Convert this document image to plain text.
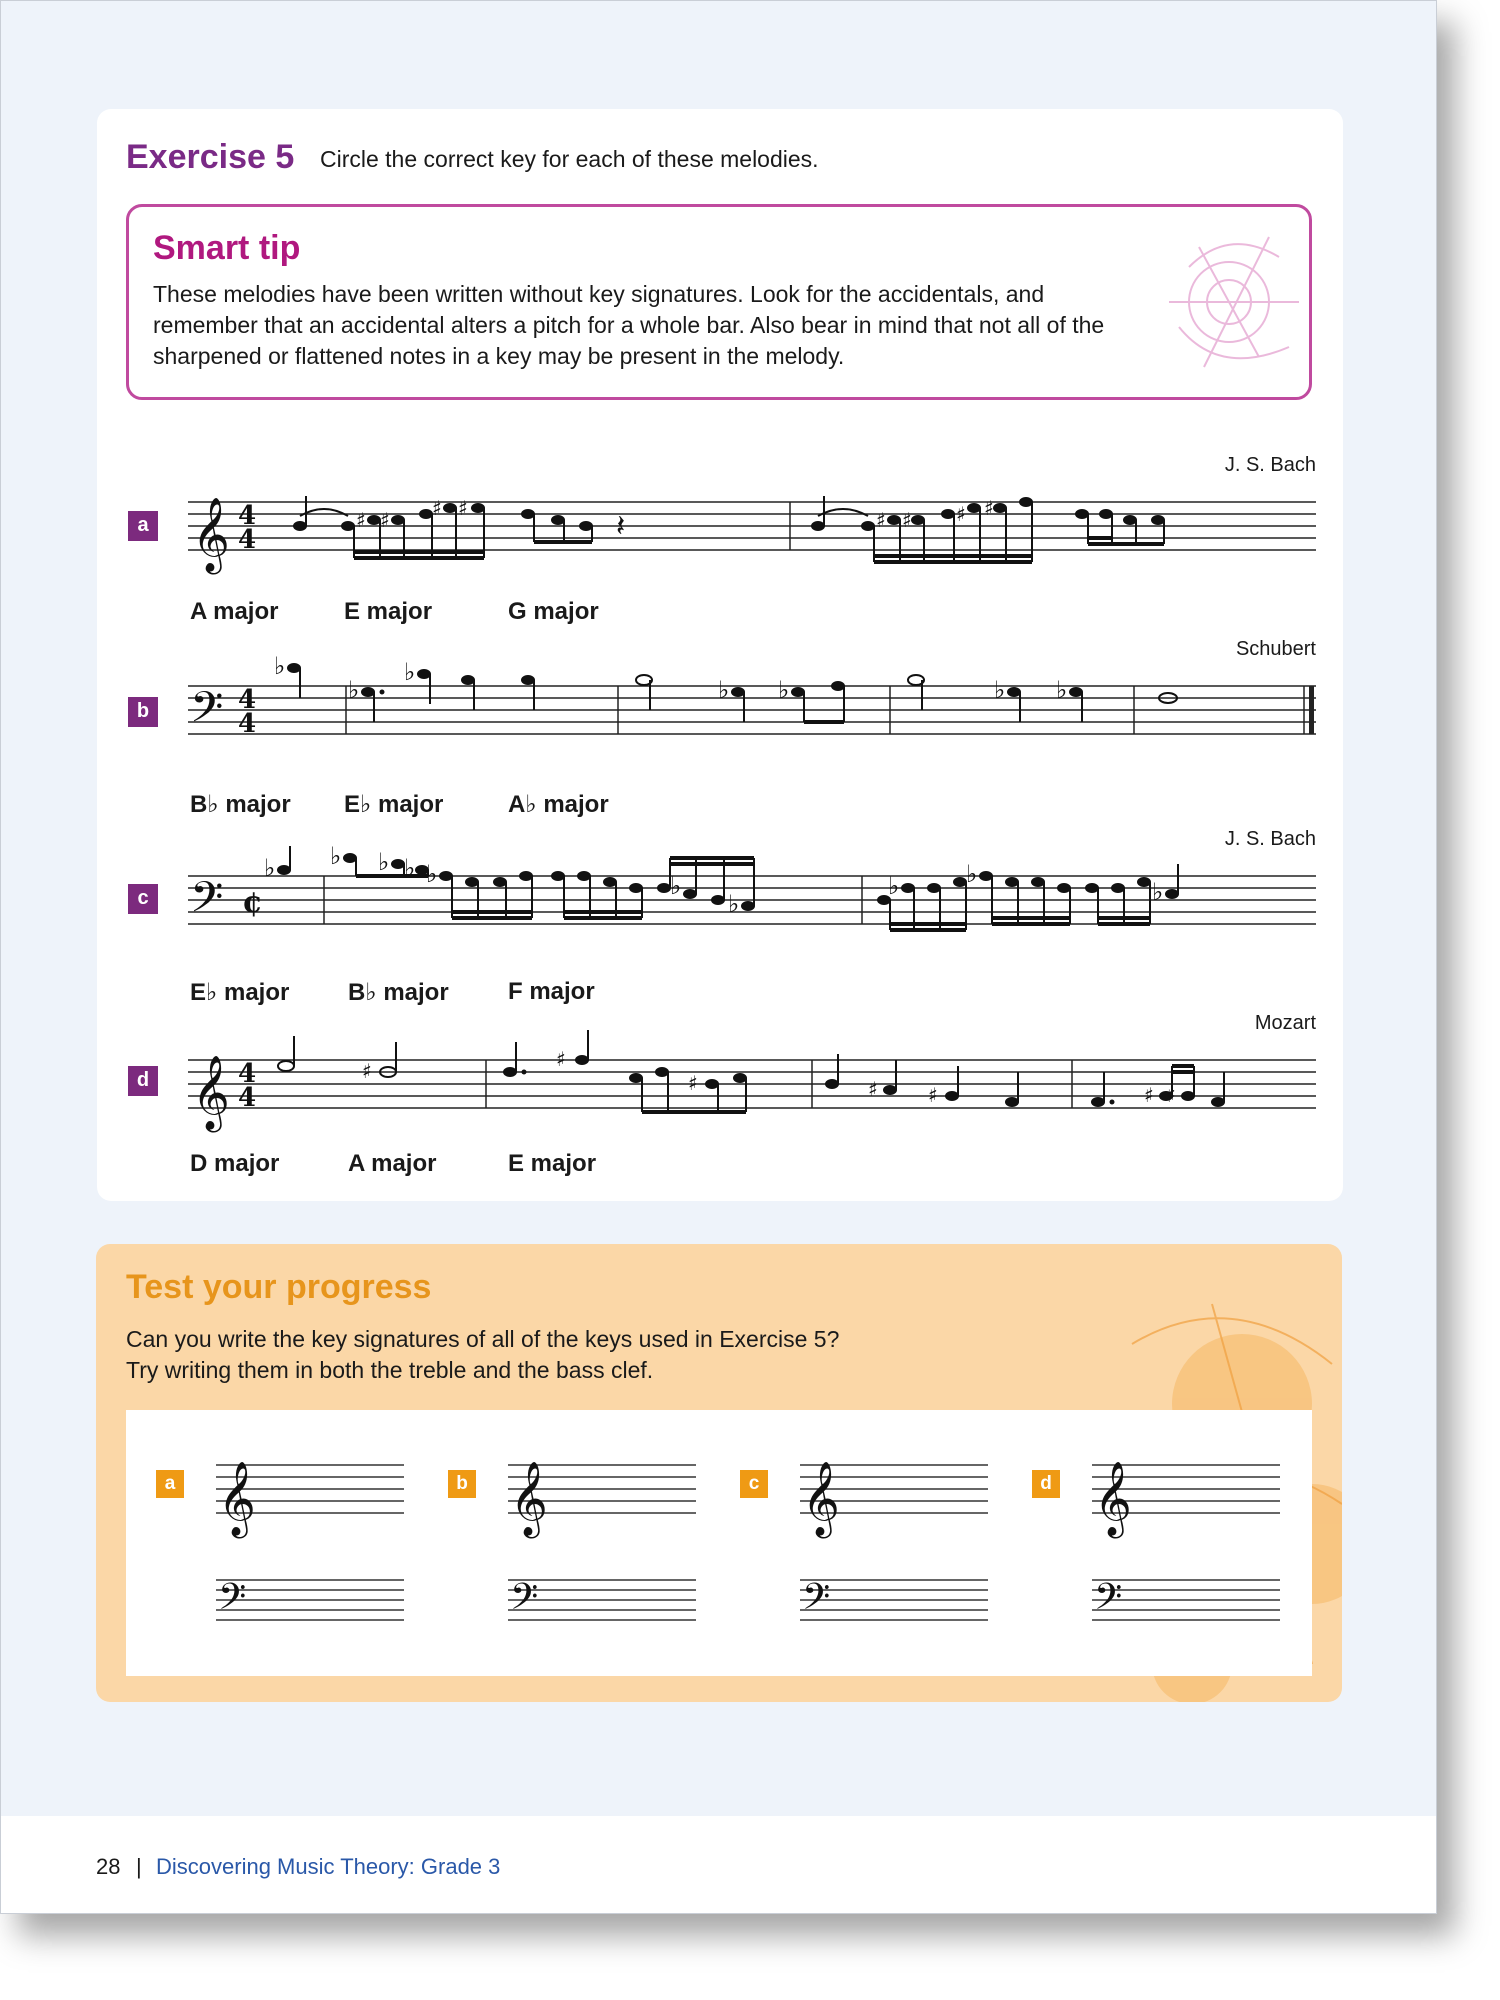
Exercise 5 Circle the correct key for each of these melodies.
Smart tip
These melodies have been written without key signatures. Look for the accidentals, and remember that an accidental alters a pitch for a whole bar. Also bear in mind that not all of the sharpened or flattened notes in a key may be present in the melody.
J. S. Bach
a 𝄞 4
4
♯ ♯ ♯ ♯	♯ ♯ ♯ ♯
𝄽
A major	E major	G major
Schubert
b 𝄢 4
4
♭
♭
♭
♭ ♭	♭ ♭
B♭ major E♭ major	A♭ major
J. S. Bach
c 𝄢 ¢
♭ ♭ ♭ ♭ ♭	♭
♭
♭	♭
♭
E♭ major B♭ major F major
Mozart
d 𝄞 4
4
♯	♯
♯	♯	♯	♯ ♯
D major	A major	E major
Test your progress
Can you write the key signatures of all of the keys used in Exercise 5?
Try writing them in both the treble and the bass clef.
a	b	c	d
𝄞	𝄞	𝄞	𝄞
𝄢	𝄢	𝄢	𝄢
28 | Discovering Music Theory: Grade 3
